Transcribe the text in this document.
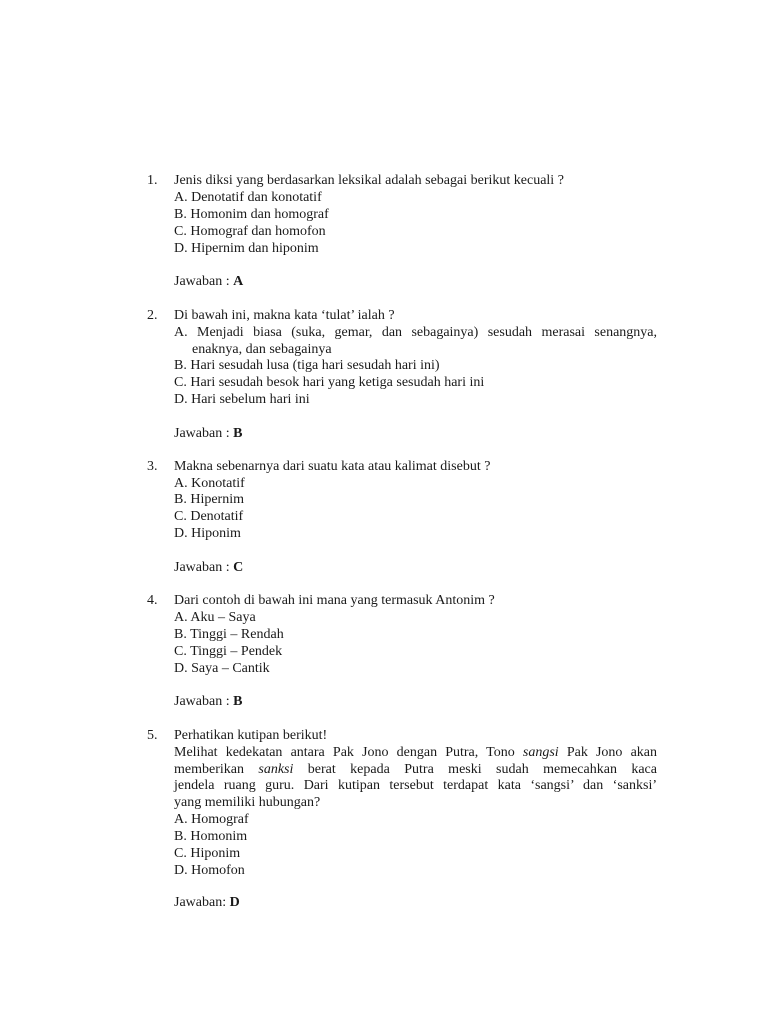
1. Jenis diksi yang berdasarkan leksikal adalah sebagai berikut kecuali ?
A. Denotatif dan konotatif
B. Homonim dan homograf
C. Homograf dan homofon
D. Hipernim dan hiponim
Jawaban : A
2. Di bawah ini, makna kata ‘tulat’ ialah ?
A. Menjadi biasa (suka, gemar, dan sebagainya) sesudah merasai senangnya,
enaknya, dan sebagainya
B. Hari sesudah lusa (tiga hari sesudah hari ini)
C. Hari sesudah besok hari yang ketiga sesudah hari ini
D. Hari sebelum hari ini
Jawaban : B
3. Makna sebenarnya dari suatu kata atau kalimat disebut ?
A. Konotatif
B. Hipernim
C. Denotatif
D. Hiponim
Jawaban : C
4. Dari contoh di bawah ini mana yang termasuk Antonim ?
A. Aku – Saya
B. Tinggi – Rendah
C. Tinggi – Pendek
D. Saya – Cantik
Jawaban : B
5. Perhatikan kutipan berikut!
Melihat kedekatan antara Pak Jono dengan Putra, Tono sangsi Pak Jono akan
memberikan sanksi berat kepada Putra meski sudah memecahkan kaca
jendela ruang guru. Dari kutipan tersebut terdapat kata ‘sangsi’ dan ‘sanksi’
yang memiliki hubungan?
A. Homograf
B. Homonim
C. Hiponim
D. Homofon
Jawaban: D
